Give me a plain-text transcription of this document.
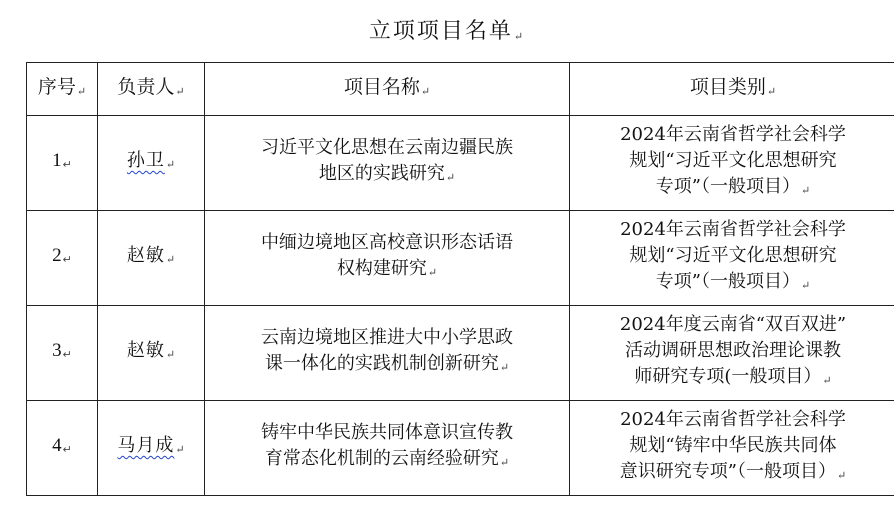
立项项目名单↵
序号↵	负责人↵	项目名称↵	项目类别↵
1↵	孙卫↵	习近平文化思想在云南边疆民族
地区的实践研究↵	2024年云南省哲学社会科学
规划“习近平文化思想研究
专项”（一般项目）↵
2↵	赵敏↵	中缅边境地区高校意识形态话语
权构建研究↵	2024年云南省哲学社会科学
规划“习近平文化思想研究
专项”（一般项目）↵
3↵	赵敏↵	云南边境地区推进大中小学思政
课一体化的实践机制创新研究↵	2024年度云南省“双百双进”
活动调研思想政治理论课教
师研究专项(一般项目）↵
4↵	马月成↵	铸牢中华民族共同体意识宣传教
育常态化机制的云南经验研究↵	2024年云南省哲学社会科学
规划“铸牢中华民族共同体
意识研究专项”（一般项目）↵
